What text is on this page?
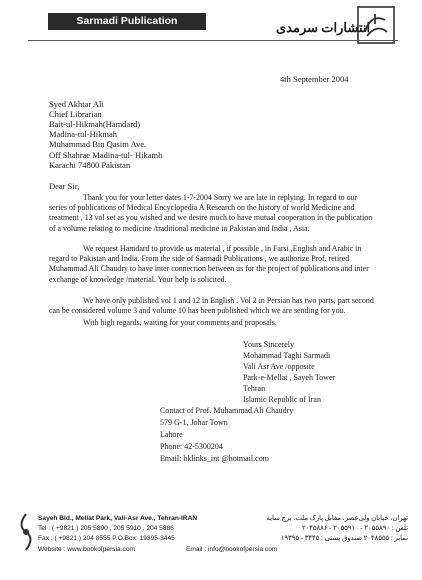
Sarmadi Publication	انتشارات سرمدی
4th September 2004
Syed Akhtar Ali
Chief Librarian
Bait-ul-Hikmah(Hamdard)
Madina-tul-Hikmah
Muhammad Bin Qasim Ave.
Off Shahrae Madina-tul- Hikamh
Karachi 74800 Pakistan
Dear Sir,
Thank you for your letter dates 1-7-2004 Sorry we are late in replying. In regard to our series of publications of Medical Encyclopedia A Research on the history of world Medicine and treatment , 13 vol set as you wished and we desire much to have mutual cooperation in the publication of a volume relating to medicine /traditional medicine in Pakistan and India , Asia.
We request Hamdard to provide us material , if possible , in Farsi ,English and Arabic in regard to Pakistan and India. From the side of Sarmadi Publications , we authorize Prof. retired Muhammad Ali Chaudry to have inter connection between us for the project of publications and inter exchange of knowledge /material. Your help is solicited.
We have only published vol 1 and 12 in English . Vol 2 in Persian has two parts, part second can be considered volume 3 and volume 10 has been published which we are sending for you.
With high regards, waiting for your comments and proposals.
Yours Sincerely
Mohammad Taghi Sarmadi
Vali Asr Ave /opposite
Park-e-Mellat , Sayeh Tower
Tehran
Islamic Republic of Iran
Contact of Prof. Muhammad Ali Chaudry
579 G-1, Johar Town
Lahore
Phone: 42-5300204
Email: bklinks_int @hotmail.com
Sayeh Bld., Mellat Park, Vali-Asr Ave., Tehran-IRAN
Tel : ( +9821 ) 205 5890 , 205 5910 , 204 5886
Fax : ( +9821 ) 204 8555 P.O.Box: 19395-3445
Website : www.bookofpersia.com	Email : info@bookofpersia.com
تهران، خیابان ولی‌عصر، مقابل پارک ملت، برج سایه
تلفن : ۲۰۵۵۸۹۰ - ۲۰۵۵۹۱۰ - ۲۰۴۵۸۸۶
نمابر : ۲۰۴۸۵۵۵ صندوق پستی : ۳۴۴۵ - ۱۹۳۹۵
